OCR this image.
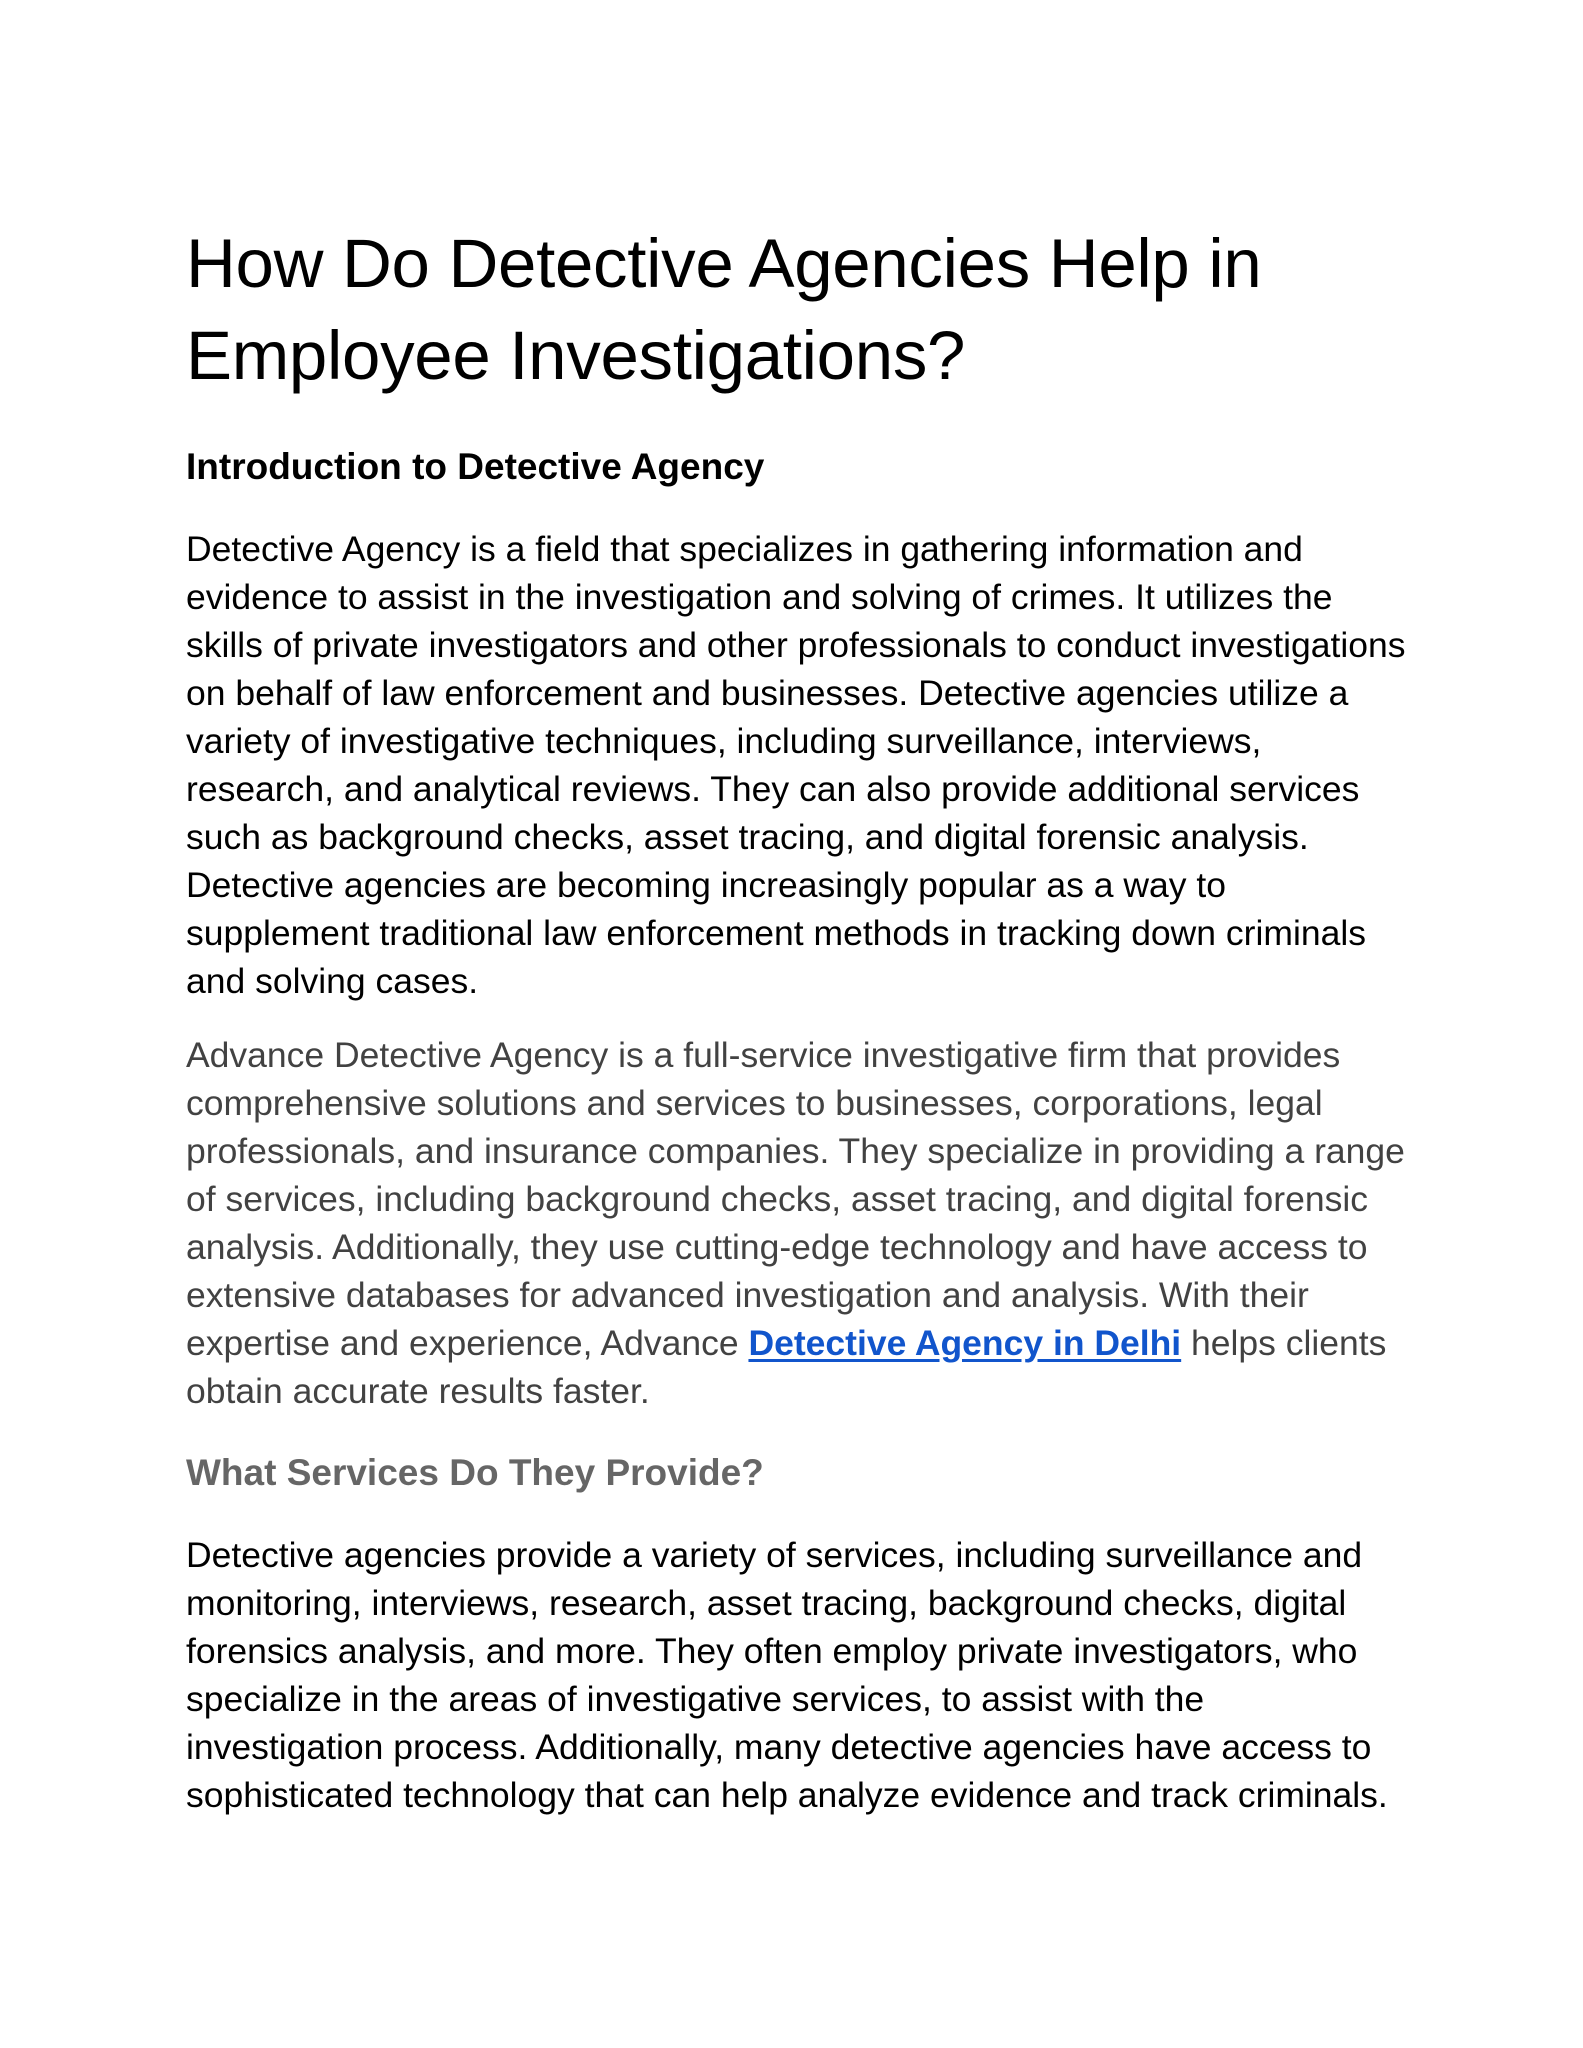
How Do Detective Agencies Help in Employee Investigations?
Introduction to Detective Agency

Detective Agency is a field that specializes in gathering information and evidence to assist in the investigation and solving of crimes. It utilizes the skills of private investigators and other professionals to conduct investigations on behalf of law enforcement and businesses. Detective agencies utilize a variety of investigative techniques, including surveillance, interviews, research, and analytical reviews. They can also provide additional services such as background checks, asset tracing, and digital forensic analysis. Detective agencies are becoming increasingly popular as a way to supplement traditional law enforcement methods in tracking down criminals and solving cases.

Advance Detective Agency is a full-service investigative firm that provides comprehensive solutions and services to businesses, corporations, legal professionals, and insurance companies. They specialize in providing a range of services, including background checks, asset tracing, and digital forensic analysis. Additionally, they use cutting-edge technology and have access to extensive databases for advanced investigation and analysis. With their expertise and experience, Advance Detective Agency in Delhi helps clients obtain accurate results faster.

What Services Do They Provide?

Detective agencies provide a variety of services, including surveillance and monitoring, interviews, research, asset tracing, background checks, digital forensics analysis, and more. They often employ private investigators, who specialize in the areas of investigative services, to assist with the investigation process. Additionally, many detective agencies have access to sophisticated technology that can help analyze evidence and track criminals.
